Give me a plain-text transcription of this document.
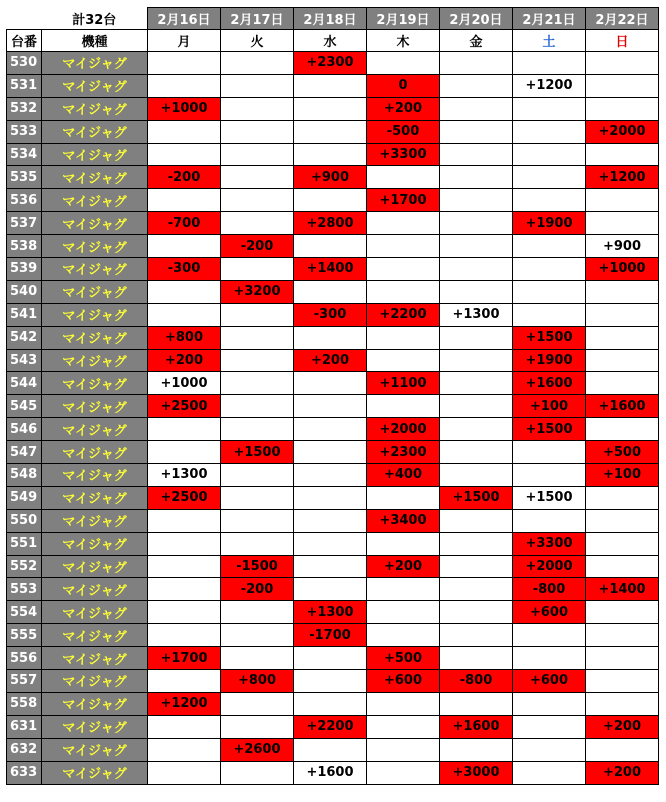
	計32台	2月16日	2月17日	2月18日	2月19日	2月20日	2月21日	2月22日
台番	機種	月	火	水	木	金	土	日
530	マイジャグ			+2300				
531	マイジャグ				0		+1200	
532	マイジャグ	+1000			+200			
533	マイジャグ				-500			+2000
534	マイジャグ				+3300			
535	マイジャグ	-200		+900				+1200
536	マイジャグ				+1700			
537	マイジャグ	-700		+2800			+1900	
538	マイジャグ		-200					+900
539	マイジャグ	-300		+1400				+1000
540	マイジャグ		+3200					
541	マイジャグ			-300	+2200	+1300		
542	マイジャグ	+800					+1500	
543	マイジャグ	+200		+200			+1900	
544	マイジャグ	+1000			+1100		+1600	
545	マイジャグ	+2500					+100	+1600
546	マイジャグ				+2000		+1500	
547	マイジャグ		+1500		+2300			+500
548	マイジャグ	+1300			+400			+100
549	マイジャグ	+2500				+1500	+1500	
550	マイジャグ				+3400			
551	マイジャグ						+3300	
552	マイジャグ		-1500		+200		+2000	
553	マイジャグ		-200				-800	+1400
554	マイジャグ			+1300			+600	
555	マイジャグ			-1700				
556	マイジャグ	+1700			+500			
557	マイジャグ		+800		+600	-800	+600	
558	マイジャグ	+1200						
631	マイジャグ			+2200		+1600		+200
632	マイジャグ		+2600					
633	マイジャグ			+1600		+3000		+200
